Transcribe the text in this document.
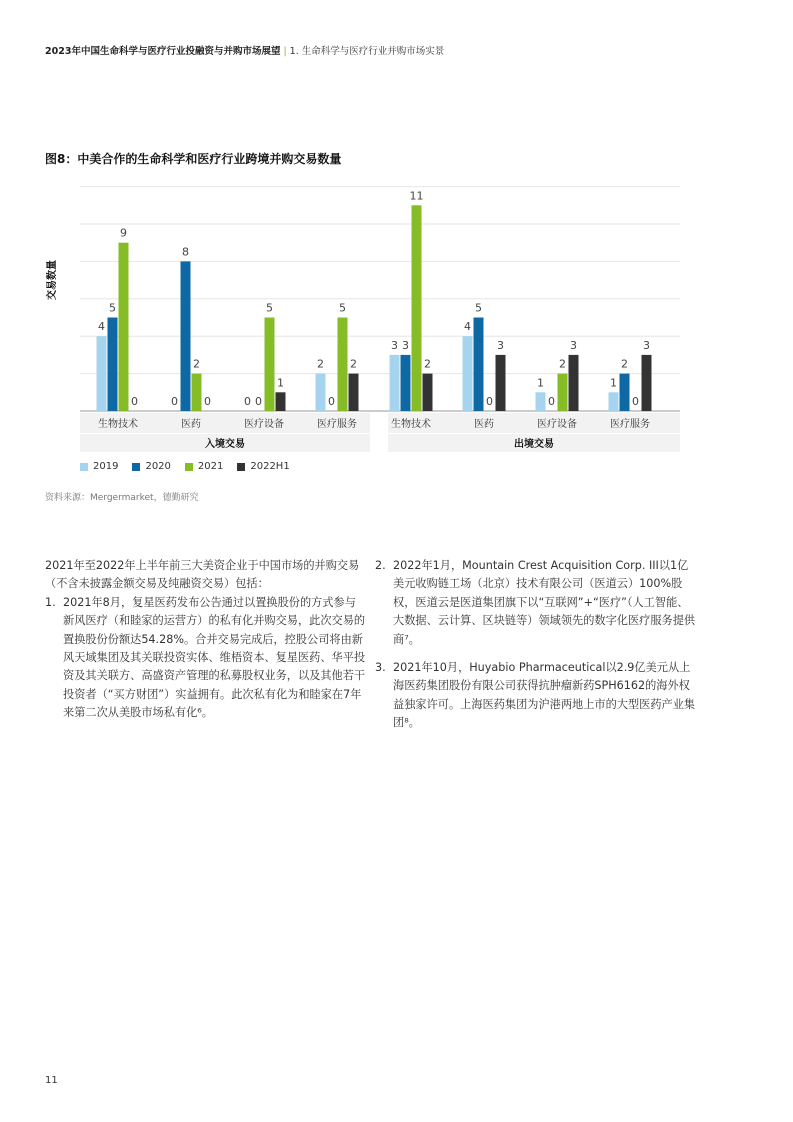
2023年中国生命科学与医疗行业投融资与并购市场展望 | 1. 生命科学与医疗行业并购市场实景
图8：中美合作的生命科学和医疗行业跨境并购交易数量
交易数量
4
5
9
0	0
8
2
0	0 0
5
1
2
0
5
2
3 3
11
2
4
5
0
3
1
0
2
3
1
2
0
3
生物技术	医药	医疗设备	医疗服务	生物技术	医药	医疗设备	医疗服务
入境交易	出境交易
2019	2020	2021	2022H1
资料来源：Mergermarket，德勤研究

2021年至2022年上半年前三大美资企业于中国市场的并购交易（不含未披露金额交易及纯融资交易）包括：

1. 2021年8月，复星医药发布公告通过以置换股份的方式参与新风医疗（和睦家的运营方）的私有化并购交易，此次交易的置换股份份额达54.28%。合并交易完成后，控股公司将由新风天域集团及其关联投资实体、维梧资本、复星医药、华平投资及其关联方、高盛资产管理的私募股权业务，以及其他若干投资者（“买方财团”）实益拥有。此次私有化为和睦家在7年来第二次从美股市场私有化⁶。
2. 2022年1月，Mountain Crest Acquisition Corp. III以1亿美元收购链工场（北京）技术有限公司（医道云）100%股权，医道云是医道集团旗下以“互联网”+“医疗”（人工智能、大数据、云计算、区块链等）领域领先的数字化医疗服务提供商⁷。
3. 2021年10月，Huyabio Pharmaceutical以2.9亿美元从上海医药集团股份有限公司获得抗肿瘤新药SPH6162的海外权益独家许可。上海医药集团为沪港两地上市的大型医药产业集团⁸。
11
